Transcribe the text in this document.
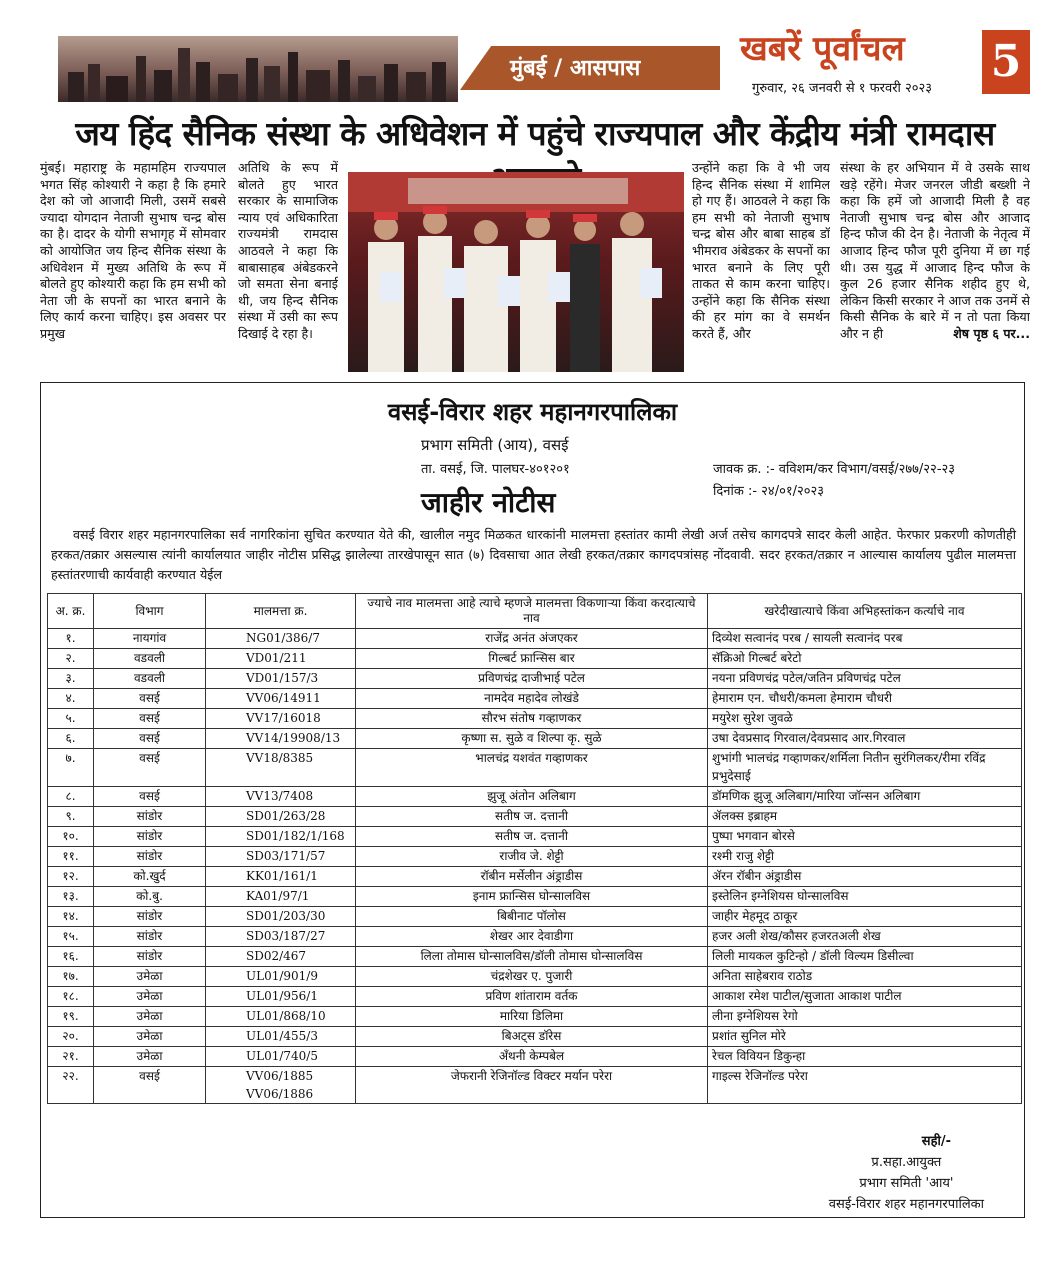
मुंबई / आसपास	खबरें पूर्वांचल 5
गुरुवार, २६ जनवरी से १ फरवरी २०२३
जय हिंद सैनिक संस्था के अधिवेशन में पहुंचे राज्यपाल और केंद्रीय मंत्री रामदास
मुंबई। महाराष्ट्र के महामहिम राज्यपाल भगत सिंह कोश्यारी ने कहा है कि हमारे देश को जो आजादी मिली, उसमें सबसे ज्यादा योगदान नेताजी सुभाष चन्द्र बोस का है। दादर के योगी सभागृह में सोमवार को आयोजित जय हिन्द सैनिक संस्था के अधिवेशन में मुख्य अतिथि के रूप में बोलते हुए कोश्यारी कहा कि हम सभी को नेता जी के सपनों का भारत बनाने के लिए कार्य करना चाहिए। इस अवसर पर प्रमुख
अतिथि के रूप में बोलते हुए भारत सरकार के सामाजिक न्याय एवं अधिकारिता राज्यमंत्री रामदास आठवले ने कहा कि बाबासाहब अंबेडकरने जो समता सेना बनाई थी, जय हिन्द सैनिक संस्था में उसी का रूप दिखाई दे रहा है।
उन्होंने कहा कि वे भी जय हिन्द सैनिक संस्था में शामिल हो गए हैं। आठवले ने कहा कि हम सभी को नेताजी सुभाष चन्द्र बोस और बाबा साहब डॉ भीमराव अंबेडकर के सपनों का भारत बनाने के लिए पूरी ताकत से काम करना चाहिए। उन्होंने कहा कि सैनिक संस्था की हर मांग का वे समर्थन करते हैं, और
संस्था के हर अभियान में वे उसके साथ खड़े रहेंगे। मेजर जनरल जीडी बख्शी ने कहा कि हमें जो आजादी मिली है वह नेताजी सुभाष चन्द्र बोस और आजाद हिन्द फौज की देन है। नेताजी के नेतृत्व में आजाद हिन्द फौज पूरी दुनिया में छा गई थी। उस युद्ध में आजाद हिन्द फौज के कुल 26 हजार सैनिक शहीद हुए थे, लेकिन किसी सरकार ने आज तक उनमें से किसी सैनिक के बारे में न तो पता किया और न ही	शेष पृष्ठ ६ पर...
वसई-विरार शहर महानगरपालिका
प्रभाग समिती (आय), वसई
ता. वसई, जि. पालघर-४०१२०१
जाहीर नोटीस
जावक क्र. :- वविशम/कर विभाग/वसई/२७७/२२-२३
दिनांक :- २४/०१/२०२३
वसई विरार शहर महानगरपालिका सर्व नागरिकांना सुचित करण्यात येते की, खालील नमुद मिळकत धारकांनी मालमत्ता हस्तांतर कामी लेखी अर्ज तसेच कागदपत्रे सादर केली आहेत. फेरफार प्रकरणी कोणतीही हरकत/तक्रार असल्यास त्यांनी कार्यालयात जाहीर नोटीस प्रसिद्ध झालेल्या तारखेपासून सात (७) दिवसाचा आत लेखी हरकत/तक्रार कागदपत्रांसह नोंदवावी. सदर हरकत/तक्रार न आल्यास कार्यालय पुढील मालमत्ता हस्तांतरणाची कार्यवाही करण्यात येईल
अ. क्र.	विभाग	मालमत्ता क्र.	ज्याचे नाव मालमत्ता आहे त्याचे म्हणजे मालमत्ता विकणाऱ्या किंवा करदात्याचे नाव	खरेदीखात्याचे किंवा अभिहस्तांकन कर्त्याचे नाव
१.	नायगांव	NG01/386/7	राजेंद्र अनंत अंजएकर	दिव्येश सत्वानंद परब / सायली सत्वानंद परब
२.	वडवली	VD01/211	गिल्बर्ट फ्रान्सिस बार	सॅक्रिओ गिल्बर्ट बरेटो
३.	वडवली	VD01/157/3	प्रविणचंद्र दाजीभाई पटेल	नयना प्रविणचंद्र पटेल/जतिन प्रविणचंद्र पटेल
४.	वसई	VV06/14911	नामदेव महादेव लोखंडे	हेमाराम एन. चौधरी/कमला हेमाराम चौधरी
५.	वसई	VV17/16018	सौरभ संतोष गव्हाणकर	मयुरेश सुरेश जुवळे
६.	वसई	VV14/19908/13	कृष्णा स. सुळे व शिल्पा कृ. सुळे	उषा देवप्रसाद गिरवाल/देवप्रसाद आर.गिरवाल
७.	वसई	VV18/8385	भालचंद्र यशवंत गव्हाणकर	शुभांगी भालचंद्र गव्हाणकर/शर्मिला नितीन सुरंगिलकर/रीमा रविंद्र प्रभुदेसाई
८.	वसई	VV13/7408	झुजू अंतोन अलिबाग	डॉमणिक झुजू अलिबाग/मारिया जॉन्सन अलिबाग
९.	सांडोर	SD01/263/28	सतीष ज. दत्तानी	ॲलक्स इब्राहम
१०.	सांडोर	SD01/182/1/168	सतीष ज. दत्तानी	पुष्पा भगवान बोरसे
११.	सांडोर	SD03/171/57	राजीव जे. शेट्टी	रश्मी राजु शेट्टी
१२.	को.खुर्द	KK01/161/1	रॉबीन मर्सेलीन अंड्राडीस	ॲरन रॉबीन अंड्राडीस
१३.	को.बु.	KA01/97/1	इनाम फ्रान्सिस घोन्सालविस	इस्तेलिन इग्नेशियस घोन्सालविस
१४.	सांडोर	SD01/203/30	बिबीनाट पॉलोस	जाहीर मेहमूद ठाकूर
१५.	सांडोर	SD03/187/27	शेखर आर देवाडीगा	हजर अली शेख/कौसर हजरतअली शेख
१६.	सांडोर	SD02/467	लिला तोमास घोन्सालविस/डॉली तोमास घोन्सालविस	लिली मायकल कुटिन्हो / डॉली विल्यम डिसील्वा
१७.	उमेळा	UL01/901/9	चंद्रशेखर ए. पुजारी	अनिता साहेबराव राठोड
१८.	उमेळा	UL01/956/1	प्रविण शांताराम वर्तक	आकाश रमेश पाटील/सुजाता आकाश पाटील
१९.	उमेळा	UL01/868/10	मारिया डिलिमा	लीना इग्नेशियस रेगो
२०.	उमेळा	UL01/455/3	बिअट्स डॉरेस	प्रशांत सुनिल मोरे
२१.	उमेळा	UL01/740/5	अँथनी केम्पबेल	रेचल विवियन डिकुन्हा
२२.	वसई	VV06/1885 VV06/1886	जेफरानी रेजिनॉल्ड विक्टर मर्यान परेरा	गाइल्स रेजिनॉल्ड परेरा
सही/-
प्र.सहा.आयुक्त
प्रभाग समिती 'आय'
वसई-विरार शहर महानगरपालिका
